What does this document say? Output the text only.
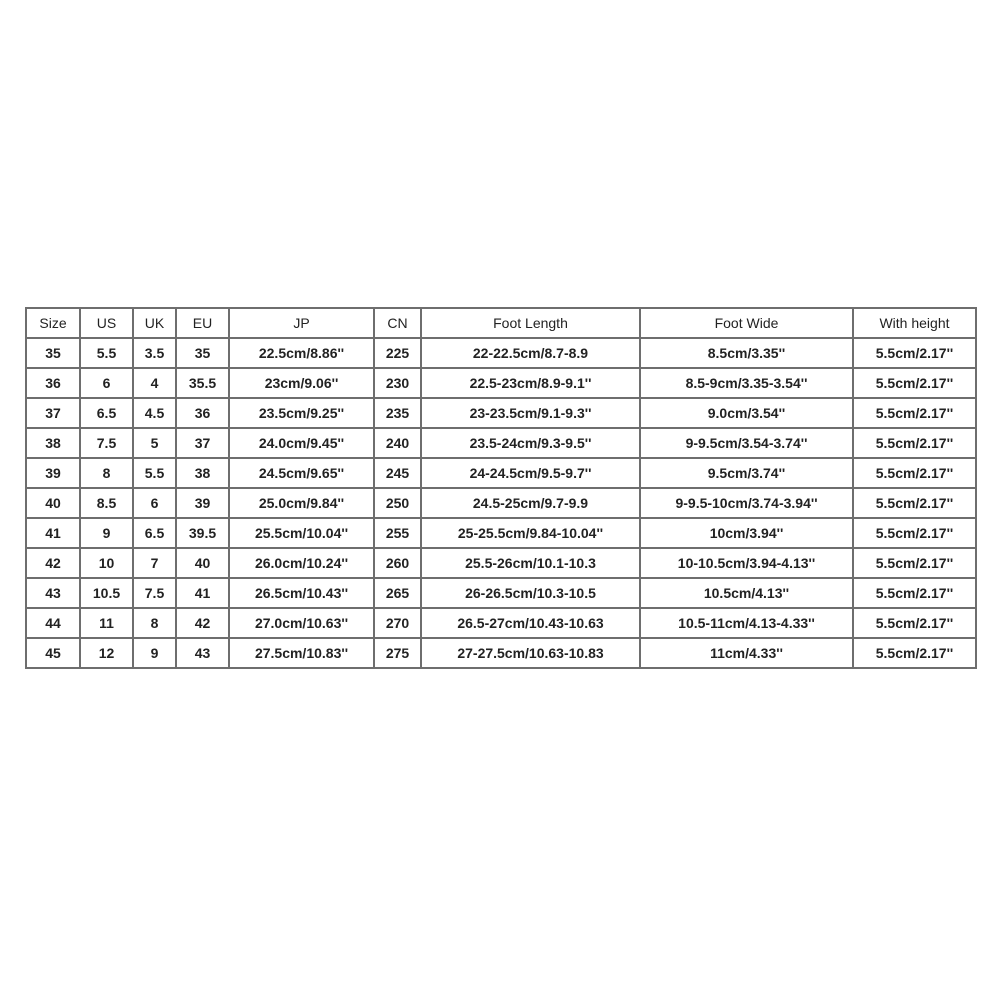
Size	US	UK	EU	JP	CN	Foot Length	Foot Wide	With height
35	5.5	3.5	35	22.5cm/8.86''	225	22-22.5cm/8.7-8.9	8.5cm/3.35''	5.5cm/2.17''
36	6	4	35.5	23cm/9.06''	230	22.5-23cm/8.9-9.1''	8.5-9cm/3.35-3.54''	5.5cm/2.17''
37	6.5	4.5	36	23.5cm/9.25''	235	23-23.5cm/9.1-9.3''	9.0cm/3.54''	5.5cm/2.17''
38	7.5	5	37	24.0cm/9.45''	240	23.5-24cm/9.3-9.5''	9-9.5cm/3.54-3.74''	5.5cm/2.17''
39	8	5.5	38	24.5cm/9.65''	245	24-24.5cm/9.5-9.7''	9.5cm/3.74''	5.5cm/2.17''
40	8.5	6	39	25.0cm/9.84''	250	24.5-25cm/9.7-9.9	9-9.5-10cm/3.74-3.94''	5.5cm/2.17''
41	9	6.5	39.5	25.5cm/10.04''	255	25-25.5cm/9.84-10.04''	10cm/3.94''	5.5cm/2.17''
42	10	7	40	26.0cm/10.24''	260	25.5-26cm/10.1-10.3	10-10.5cm/3.94-4.13''	5.5cm/2.17''
43	10.5	7.5	41	26.5cm/10.43''	265	26-26.5cm/10.3-10.5	10.5cm/4.13''	5.5cm/2.17''
44	11	8	42	27.0cm/10.63''	270	26.5-27cm/10.43-10.63	10.5-11cm/4.13-4.33''	5.5cm/2.17''
45	12	9	43	27.5cm/10.83''	275	27-27.5cm/10.63-10.83	11cm/4.33''	5.5cm/2.17''
